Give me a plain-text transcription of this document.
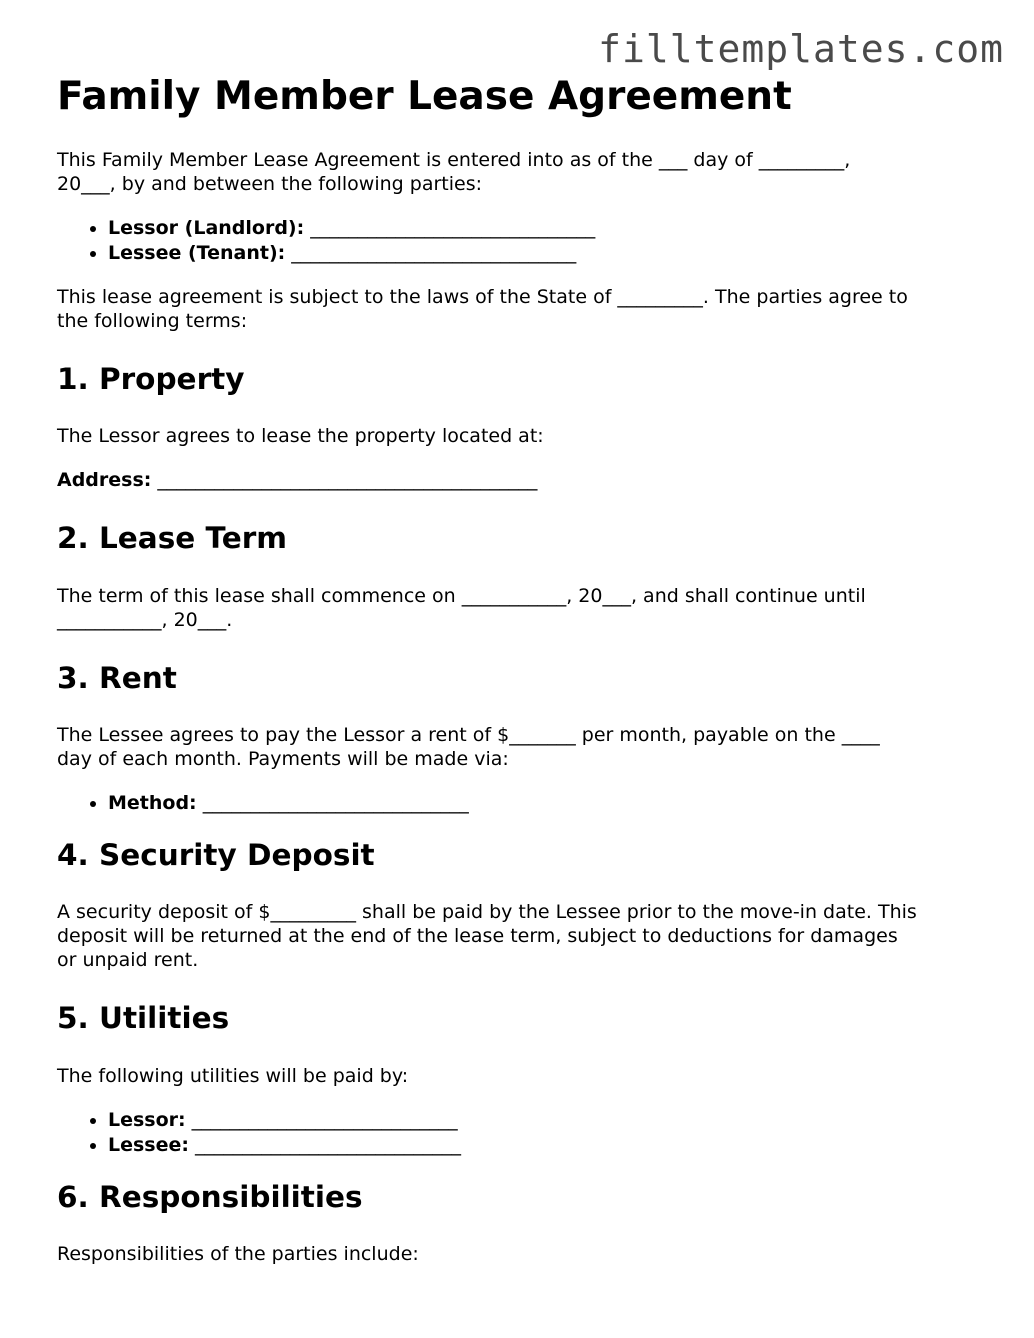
filltemplates.com
Family Member Lease Agreement

This Family Member Lease Agreement is entered into as of the ___ day of _________,
20___, by and between the following parties:

• Lessor (Landlord): ______________________________
• Lessee (Tenant): ______________________________

This lease agreement is subject to the laws of the State of _________. The parties agree to
the following terms:

1. Property

The Lessor agrees to lease the property located at:

Address: ________________________________________

2. Lease Term

The term of this lease shall commence on ___________, 20___, and shall continue until
___________, 20___.

3. Rent

The Lessee agrees to pay the Lessor a rent of $_______ per month, payable on the ____
day of each month. Payments will be made via:

• Method: ____________________________
4. Security Deposit

A security deposit of $_________ shall be paid by the Lessee prior to the move-in date. This
deposit will be returned at the end of the lease term, subject to deductions for damages
or unpaid rent.

5. Utilities

The following utilities will be paid by:

• Lessor: ____________________________
• Lessee: ____________________________
6. Responsibilities

Responsibilities of the parties include:
